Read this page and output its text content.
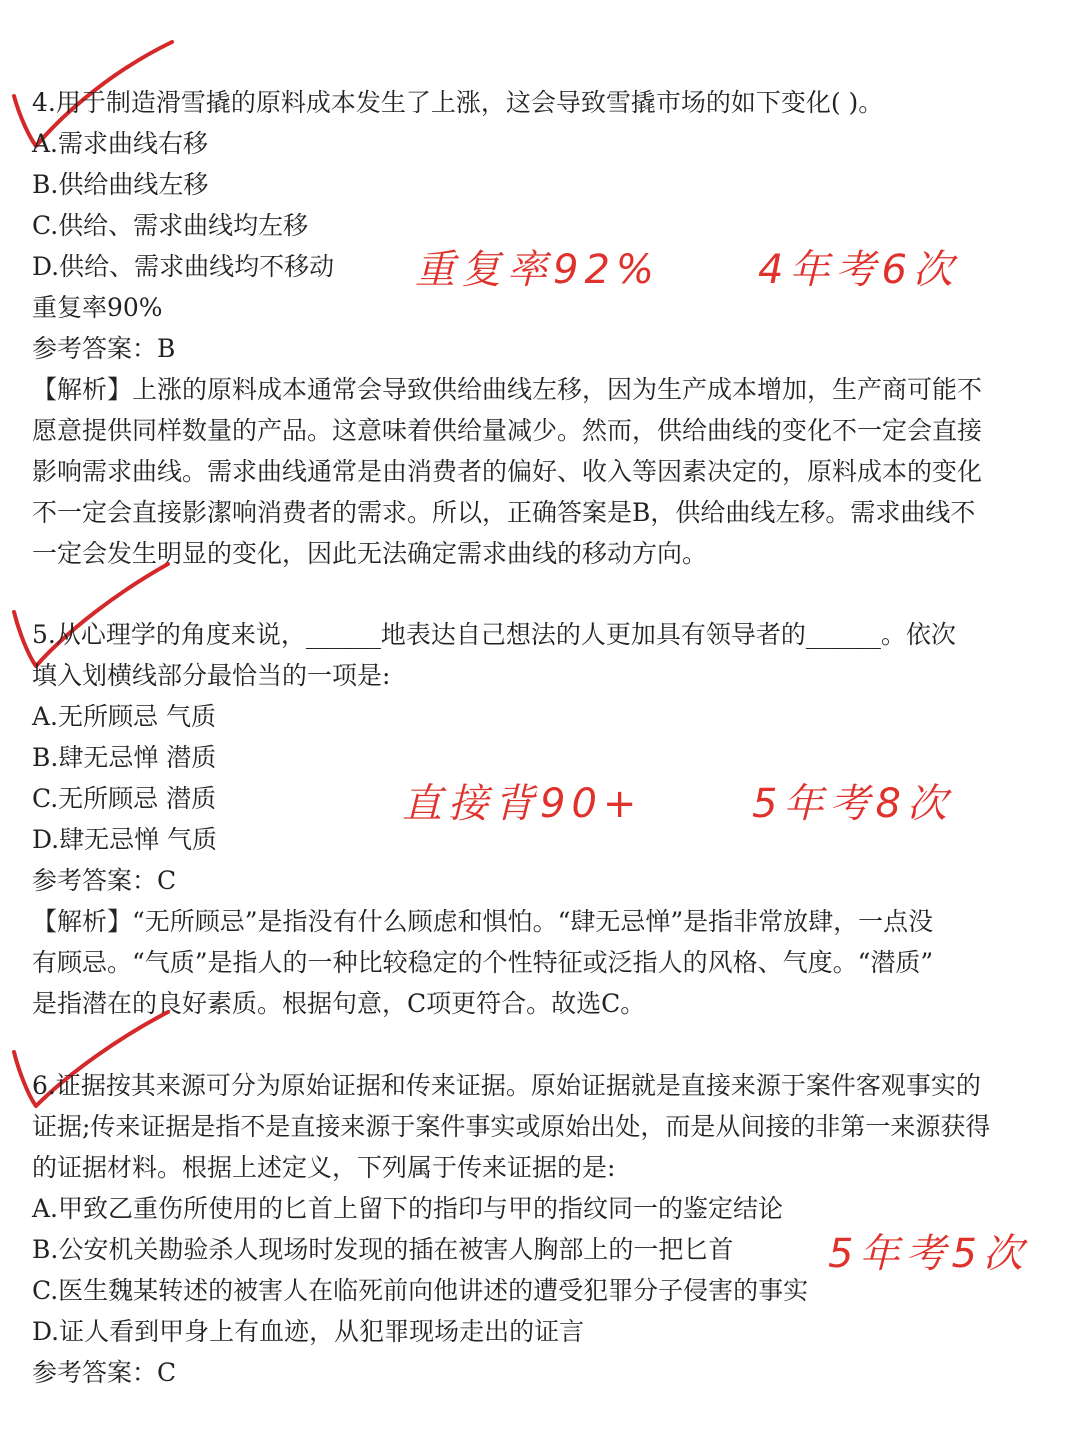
4.用于制造滑雪撬的原料成本发生了上涨，这会导致雪撬市场的如下变化( )。

A.需求曲线右移

B.供给曲线左移

C.供给、需求曲线均左移

D.供给、需求曲线均不移动 重复率92% 4年考6次

重复率90%

参考答案：B

【解析】上涨的原料成本通常会导致供给曲线左移，因为生产成本增加，生产商可能不

愿意提供同样数量的产品。这意味着供给量减少。然而，供给曲线的变化不一定会直接

影响需求曲线。需求曲线通常是由消费者的偏好、收入等因素决定的，原料成本的变化

不一定会直接影潔响消费者的需求。所以，正确答案是B，供给曲线左移。需求曲线不

一定会发生明显的变化，因此无法确定需求曲线的移动方向。

5.从心理学的角度来说，______地表达自己想法的人更加具有领导者的______。依次

填入划横线部分最恰当的一项是:

A.无所顾忌 气质

B.肆无忌惮 潜质

C.无所顾忌 潜质

D.肆无忌惮 气质

直接背90+	5年考8次

参考答案：C

【解析】“无所顾忌”是指没有什么顾虑和惧怕。“肆无忌惮”是指非常放肆，一点没

有顾忌。“气质”是指人的一种比较稳定的个性特征或泛指人的风格、气度。“潜质”

是指潜在的良好素质。根据句意，C项更符合。故选C。

6.证据按其来源可分为原始证据和传来证据。原始证据就是直接来源于案件客观事实的

证据;传来证据是指不是直接来源于案件事实或原始出处，而是从间接的非第一来源获得

的证据材料。根据上述定义，下列属于传来证据的是:

A.甲致乙重伤所使用的匕首上留下的指印与甲的指纹同一的鉴定结论

B.公安机关勘验杀人现场时发现的插在被害人胸部上的一把匕首 5年考5次

C.医生魏某转述的被害人在临死前向他讲述的遭受犯罪分子侵害的事实

D.证人看到甲身上有血迹，从犯罪现场走出的证言

参考答案：C
